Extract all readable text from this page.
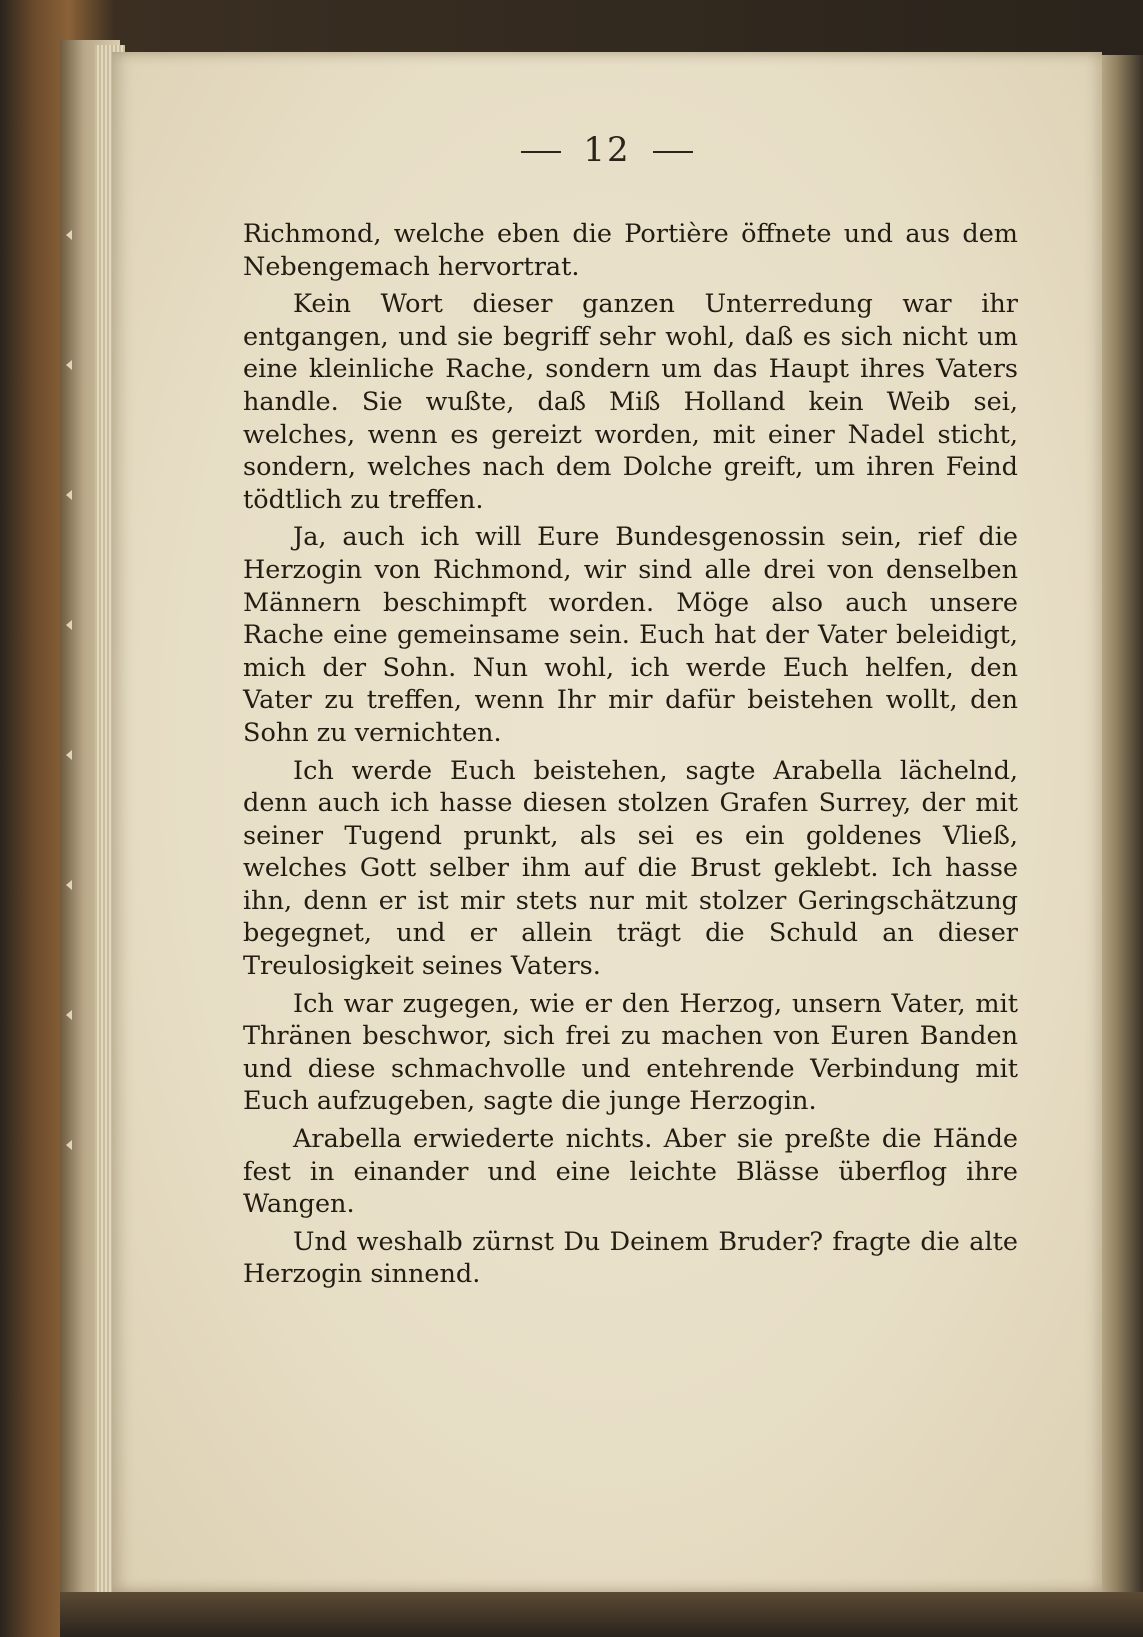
12

Richmond, welche eben die Portière öffnete und aus dem Nebengemach hervortrat.

Kein Wort dieser ganzen Unterredung war ihr entgangen, und sie begriff sehr wohl, daß es sich nicht um eine kleinliche Rache, sondern um das Haupt ihres Vaters handle. Sie wußte, daß Miß Holland kein Weib sei, welches, wenn es gereizt worden, mit einer Nadel sticht, sondern, welches nach dem Dolche greift, um ihren Feind tödtlich zu treffen.

Ja, auch ich will Eure Bundesgenossin sein, rief die Herzogin von Richmond, wir sind alle drei von denselben Männern beschimpft worden. Möge also auch unsere Rache eine gemeinsame sein. Euch hat der Vater beleidigt, mich der Sohn. Nun wohl, ich werde Euch helfen, den Vater zu treffen, wenn Ihr mir dafür beistehen wollt, den Sohn zu vernichten.

Ich werde Euch beistehen, sagte Arabella lächelnd, denn auch ich hasse diesen stolzen Grafen Surrey, der mit seiner Tugend prunkt, als sei es ein goldenes Vließ, welches Gott selber ihm auf die Brust geklebt. Ich hasse ihn, denn er ist mir stets nur mit stolzer Geringschätzung begegnet, und er allein trägt die Schuld an dieser Treulosigkeit seines Vaters.

Ich war zugegen, wie er den Herzog, unsern Vater, mit Thränen beschwor, sich frei zu machen von Euren Banden und diese schmachvolle und entehrende Verbindung mit Euch aufzugeben, sagte die junge Herzogin.

Arabella erwiederte nichts. Aber sie preßte die Hände fest in einander und eine leichte Blässe überflog ihre Wangen.

Und weshalb zürnst Du Deinem Bruder? fragte die alte Herzogin sinnend.
